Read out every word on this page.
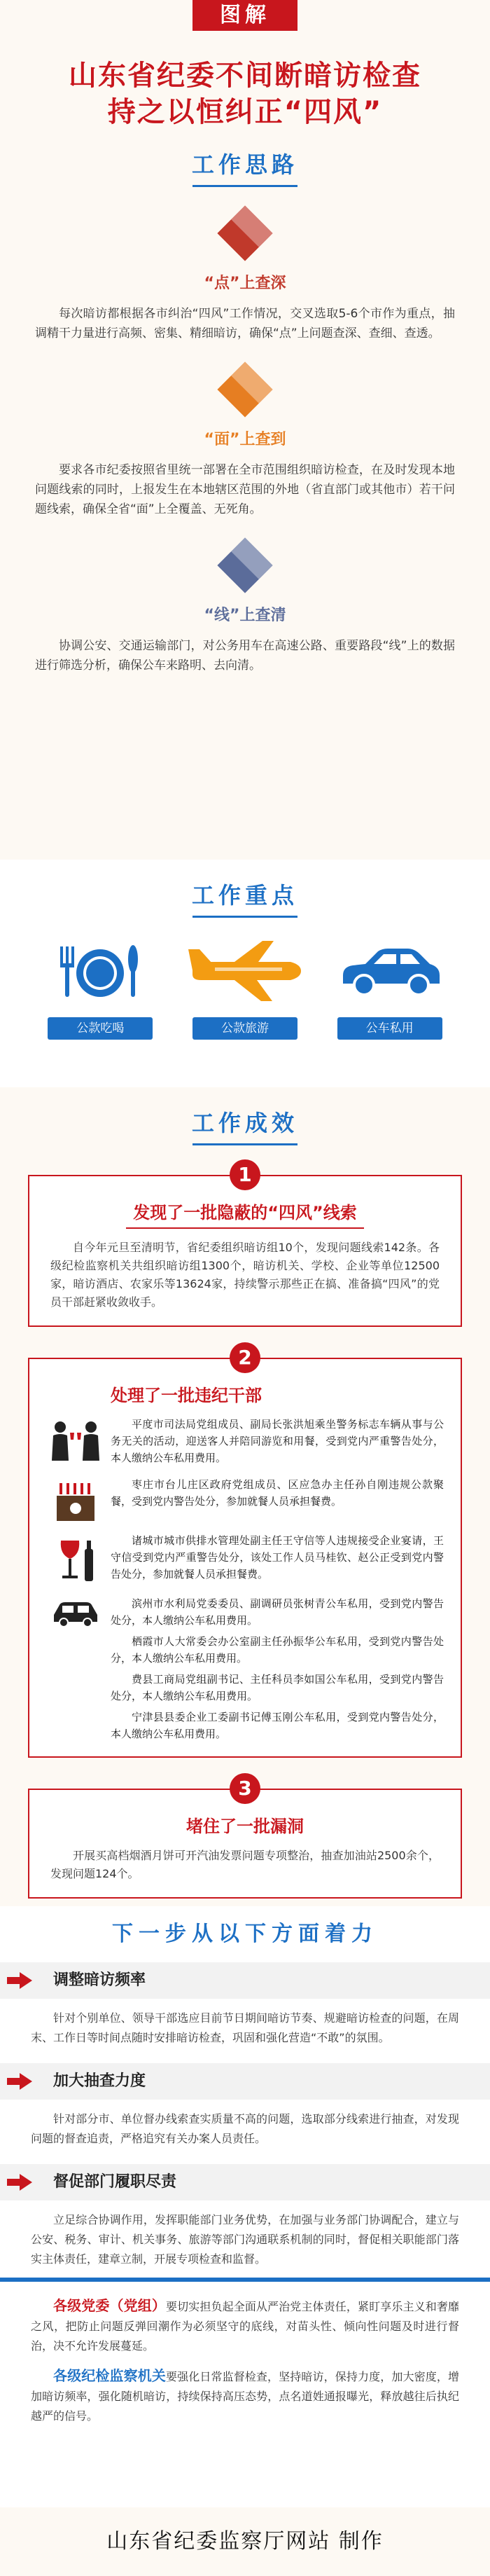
图解
山东省纪委不间断暗访检查
持之以恒纠正“四风”
工作思路
“点”上查深

每次暗访都根据各市纠治“四风”工作情况，交叉选取5-6个市作为重点，抽调精干力量进行高频、密集、精细暗访，确保“点”上问题查深、查细、查透。

“面”上查到

要求各市纪委按照省里统一部署在全市范围组织暗访检查，在及时发现本地问题线索的同时，上报发生在本地辖区范围的外地（省直部门或其他市）若干问题线索，确保全省“面”上全覆盖、无死角。

“线”上查清

协调公安、交通运输部门，对公务用车在高速公路、重要路段“线”上的数据进行筛选分析，确保公车来路明、去向清。

工作重点
公款吃喝	公款旅游	公车私用
工作成效
1
发现了一批隐蔽的“四风”线索

自今年元旦至清明节，省纪委组织暗访组10个，发现问题线索142条。各级纪检监察机关共组织暗访组1300个，暗访机关、学校、企业等单位12500家，暗访酒店、农家乐等13624家，持续警示那些正在搞、准备搞“四风”的党员干部赶紧收敛收手。

2
处理了一批违纪干部

平度市司法局党组成员、副局长张洪旭乘坐警务标志车辆从事与公务无关的活动，迎送客人并陪同游览和用餐，受到党内严重警告处分，本人缴纳公车私用费用。

枣庄市台儿庄区政府党组成员、区应急办主任孙自刚违规公款聚餐，受到党内警告处分，参加就餐人员承担餐费。

诸城市城市供排水管理处副主任王守信等人违规接受企业宴请，王守信受到党内严重警告处分，该处工作人员马桂钦、赵公正受到党内警告处分，参加就餐人员承担餐费。

滨州市水利局党委委员、副调研员张树青公车私用，受到党内警告处分，本人缴纳公车私用费用。

栖霞市人大常委会办公室副主任孙振华公车私用，受到党内警告处分，本人缴纳公车私用费用。

费县工商局党组副书记、主任科员李如国公车私用，受到党内警告处分，本人缴纳公车私用费用。

宁津县县委企业工委副书记傅玉刚公车私用，受到党内警告处分，本人缴纳公车私用费用。

3
堵住了一批漏洞

开展买高档烟酒月饼可开汽油发票问题专项整治，抽查加油站2500余个，发现问题124个。

下一步从以下方面着力
调整暗访频率

针对个别单位、领导干部选应目前节日期间暗访节奏、规避暗访检查的问题，在周末、工作日等时间点随时安排暗访检查，巩固和强化营造“不敢”的氛围。

加大抽查力度

针对部分市、单位督办线索查实质量不高的问题，选取部分线索进行抽查，对发现问题的督查追责，严格追究有关办案人员责任。

督促部门履职尽责

立足综合协调作用，发挥职能部门业务优势，在加强与业务部门协调配合，建立与公安、税务、审计、机关事务、旅游等部门沟通联系机制的同时，督促相关职能部门落实主体责任，建章立制，开展专项检查和监督。

各级党委（党组）要切实担负起全面从严治党主体责任，紧盯享乐主义和奢靡之风，把防止问题反弹回潮作为必须坚守的底线，对苗头性、倾向性问题及时进行督治，决不允许发展蔓延。

各级纪检监察机关要强化日常监督检查，坚持暗访，保持力度，加大密度，增加暗访频率，强化随机暗访，持续保持高压态势，点名道姓通报曝光，释放越往后执纪越严的信号。

山东省纪委监察厅网站 制作
